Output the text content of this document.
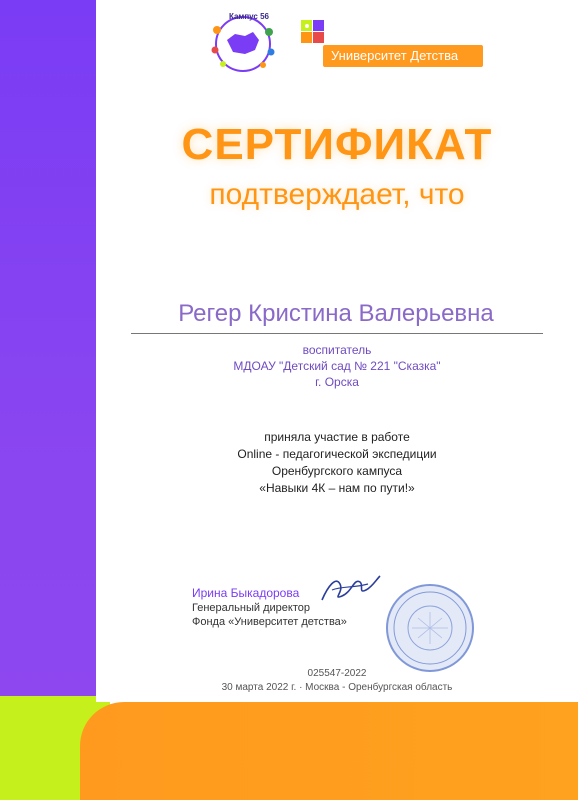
Кампус 56
Университет Детства
СЕРТИФИКАТ
подтверждает, что
Регер Кристина Валерьевна
воспитатель
МДОАУ "Детский сад № 221 "Сказка"
г. Орска
приняла участие в работе
Online - педагогической экспедиции
Оренбургского кампуса
«Навыки 4К – нам по пути!»
Ирина Быкадорова
Генеральный директор
Фонда «Университет детства»
025547-2022
30 марта 2022 г. · Москва - Оренбургская область
